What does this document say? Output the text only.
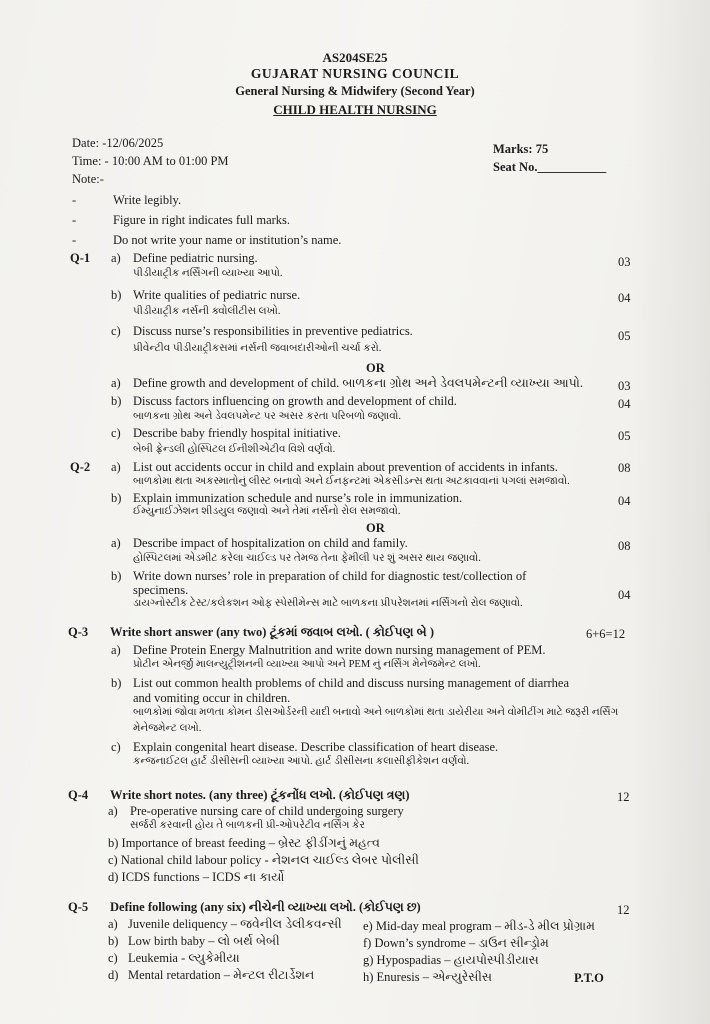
AS204SE25
GUJARAT NURSING COUNCIL
General Nursing & Midwifery (Second Year)
CHILD HEALTH NURSING
Date: -12/06/2025
Time: - 10:00 AM to 01:00 PM
Note:-
Marks: 75
Seat No.___________
-	Write legibly.
-	Figure in right indicates full marks.
-	Do not write your name or institution’s name.
Q-1 a) Define pediatric nursing.
પીડીયાટ્રીક નર્સિંગની વ્યાખ્યા આપો.
03
b) Write qualities of pediatric nurse.
પીડીયાટ્રીક નર્સની ક્વોલીટીસ લખો.
04
c) Discuss nurse’s responsibilities in preventive pediatrics.
પ્રીવેન્ટીવ પીડીયાટ્રીકસમાં નર્સની જવાબદારીઓની ચર્ચા કરો.
05
OR
a) Define growth and development of child. બાળકના ગ્રોથ અને ડેવલપમેન્ટની વ્યાખ્યા આપો.	03
b) Discuss factors influencing on growth and development of child.
બાળકના ગ્રોથ અને ડેવલપમેન્ટ પર અસર કરતા પરિબળો જણાવો.
04
c) Describe baby friendly hospital initiative.
બેબી ફ્રેન્ડલી હોસ્પિટલ ઈનીશીએટીવ વિશે વર્ણવો.
05
Q-2 a) List out accidents occur in child and explain about prevention of accidents in infants.
બાળકોમા થતા અકસ્માતોનું લીસ્ટ બનાવો અને ઈનફન્ટમાં એકસીડન્સ થતા અટકાવવાનાં પગલાં સમજાવો.
08
b) Explain immunization schedule and nurse’s role in immunization.
ઈમ્યુનાઈઝેશન શીડયુલ જણાવો અને તેમાં નર્સનો રોલ સમજાવો.
04
OR
a) Describe impact of hospitalization on child and family.
હોસ્પિટલમાં એડમીટ કરેલા ચાઈલ્ડ પર તેમજ તેના ફેમીલી પર શું અસર થાય જણાવો.
08
b) Write down nurses’ role in preparation of child for diagnostic test/collection of
specimens.
ડાયગ્નોસ્ટીક ટેસ્ટ/કલેકશન ઓફ સ્પેસીમેન્સ માટે બાળકના પ્રીપરેશનમાં નર્સિંગનો રોલ જણાવો.
04
Q-3 Write short answer (any two) ટૂંકમાં જવાબ લખો. ( કોઈપણ બે )	6+6=12
a) Define Protein Energy Malnutrition and write down nursing management of PEM.
પ્રોટીન એનર્જી માલન્યુટ્રીશનની વ્યાખ્યા આપો અને PEM નું નર્સિંગ મેનેજમેન્ટ લખો.
b) List out common health problems of child and discuss nursing management of diarrhea
and vomiting occur in children.
બાળકોમાં જોવા મળતા કોમન ડીસઓર્ડરની યાદી બનાવો અને બાળકોમાં થતા ડાયેરીયા અને વોમીટીંગ માટે જરૂરી નર્સિંગ
મેનેજમેન્ટ લખો.
c) Explain congenital heart disease. Describe classification of heart disease.
કન્જનાઈટલ હાર્ટ ડીસીસની વ્યાખ્યા આપો. હાર્ટ ડીસીસના કલાસીફીકેશન વર્ણવો.
Q-4 Write short notes. (any three) ટૂંકનોંધ લખો. (કોઈપણ ત્રણ)	12
a) Pre-operative nursing care of child undergoing surgery
સર્જરી કરવાની હોય તે બાળકની પ્રી-ઓપરેટીવ નર્સિંગ કેર
b) Importance of breast feeding – બ્રેસ્ટ ફીડીંગનું મહત્વ
c) National child labour policy - નેશનલ ચાઈલ્ડ લેબર પોલીસી
d) ICDS functions – ICDS ના કાર્યો
Q-5 Define following (any six) નીચેની વ્યાખ્યા લખો. (કોઈપણ છ)	12
a) Juvenile deliquency – જવેનીલ ડેલીકવન્સી
b) Low birth baby – લો બર્થ બેબી
c) Leukemia - લ્યુકેમીયા
d) Mental retardation – મેન્ટલ રીટાર્ડેશન
e) Mid-day meal program – મીડ-ડે મીલ પ્રોગ્રામ
f) Down’s syndrome – ડાઉન સીન્ડ્રોમ
g) Hypospadias – હાયપોસ્પીડીયાસ
h) Enuresis – એન્યુરેસીસ	P.T.O
